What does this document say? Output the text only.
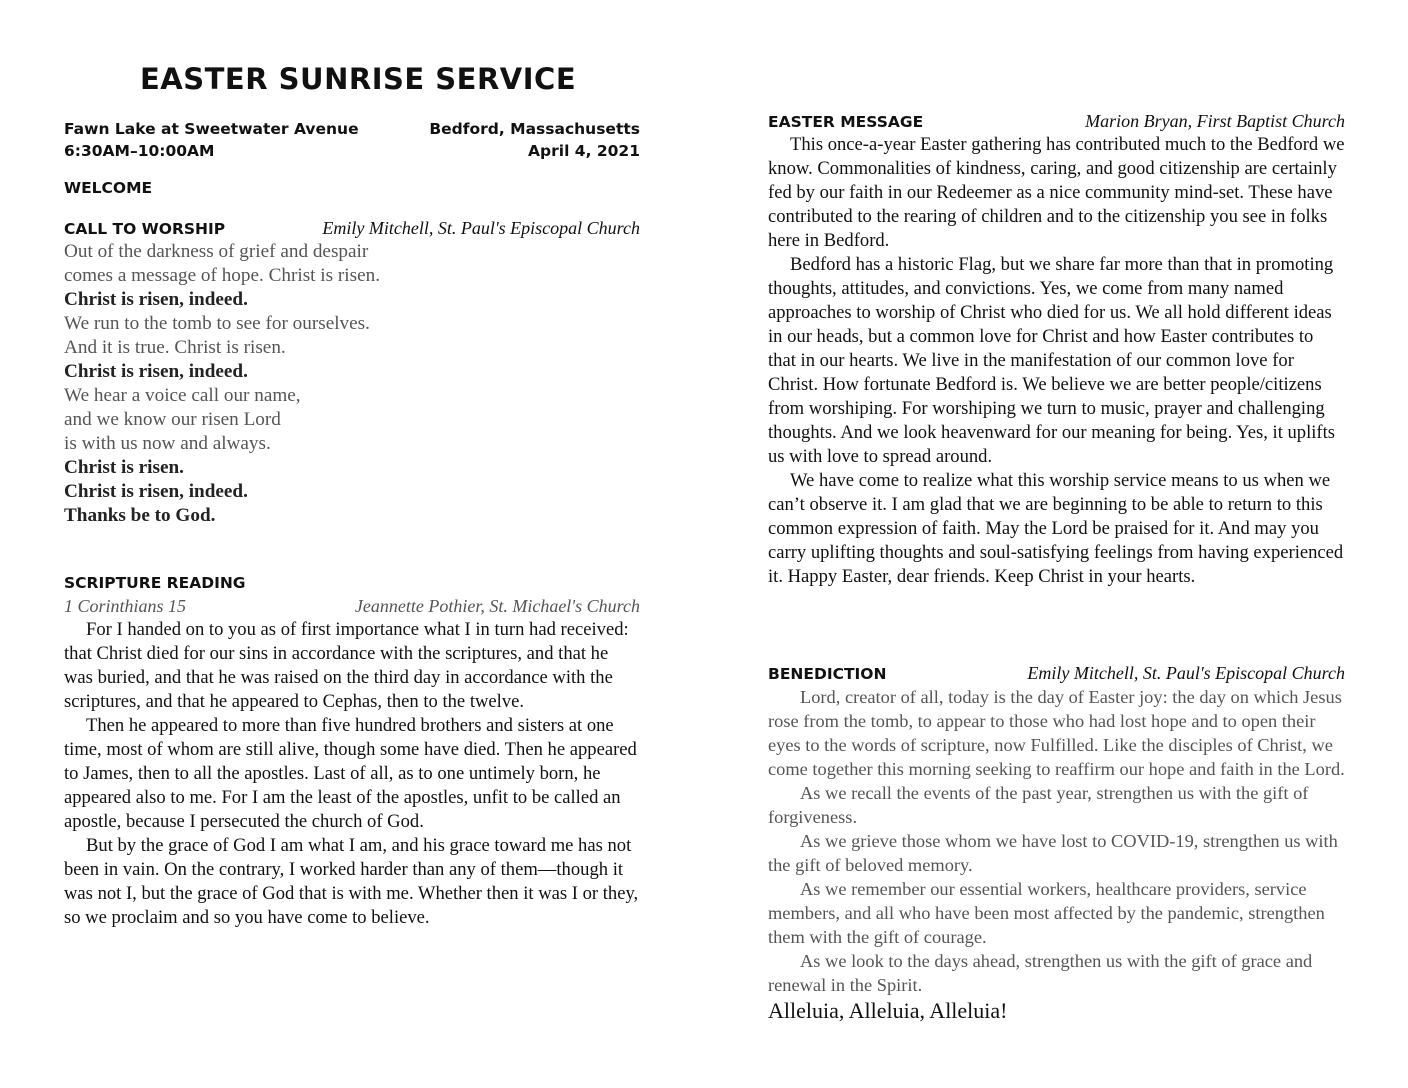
EASTER SUNRISE SERVICE
Fawn Lake at Sweetwater Avenue	Bedford, Massachusetts
6:30AM–10:00AM	April 4, 2021
WELCOME
CALL TO WORSHIP	Emily Mitchell, St. Paul's Episcopal Church
Out of the darkness of grief and despair
comes a message of hope. Christ is risen.
Christ is risen, indeed.
We run to the tomb to see for ourselves.
And it is true. Christ is risen.
Christ is risen, indeed.
We hear a voice call our name,
and we know our risen Lord
is with us now and always.
Christ is risen.
Christ is risen, indeed.
Thanks be to God.
SCRIPTURE READING
1 Corinthians 15	Jeannette Pothier, St. Michael's Church

For I handed on to you as of first importance what I in turn had received: that Christ died for our sins in accordance with the scriptures, and that he was buried, and that he was raised on the third day in accordance with the scriptures, and that he appeared to Cephas, then to the twelve.

Then he appeared to more than five hundred brothers and sisters at one time, most of whom are still alive, though some have died. Then he appeared to James, then to all the apostles. Last of all, as to one untimely born, he appeared also to me. For I am the least of the apostles, unfit to be called an apostle, because I persecuted the church of God.

But by the grace of God I am what I am, and his grace toward me has not been in vain. On the contrary, I worked harder than any of them—though it was not I, but the grace of God that is with me. Whether then it was I or they, so we proclaim and so you have come to believe.

EASTER MESSAGE	Marion Bryan, First Baptist Church

This once-a-year Easter gathering has contributed much to the Bedford we know. Commonalities of kindness, caring, and good citizenship are certainly fed by our faith in our Redeemer as a nice community mind-set. These have contributed to the rearing of children and to the citizenship you see in folks here in Bedford.

Bedford has a historic Flag, but we share far more than that in promoting thoughts, attitudes, and convictions. Yes, we come from many named approaches to worship of Christ who died for us. We all hold different ideas in our heads, but a common love for Christ and how Easter contributes to that in our hearts. We live in the manifestation of our common love for Christ. How fortunate Bedford is. We believe we are better people/citizens from worshiping. For worshiping we turn to music, prayer and challenging thoughts. And we look heavenward for our meaning for being. Yes, it uplifts us with love to spread around.

We have come to realize what this worship service means to us when we can’t observe it. I am glad that we are beginning to be able to return to this common expression of faith. May the Lord be praised for it. And may you carry uplifting thoughts and soul-satisfying feelings from having experienced it. Happy Easter, dear friends. Keep Christ in your hearts.

BENEDICTION	Emily Mitchell, St. Paul's Episcopal Church

Lord, creator of all, today is the day of Easter joy: the day on which Jesus rose from the tomb, to appear to those who had lost hope and to open their eyes to the words of scripture, now Fulfilled. Like the disciples of Christ, we come together this morning seeking to reaffirm our hope and faith in the Lord.

As we recall the events of the past year, strengthen us with the gift of forgiveness.

As we grieve those whom we have lost to COVID-19, strengthen us with the gift of beloved memory.

As we remember our essential workers, healthcare providers, service members, and all who have been most affected by the pandemic, strengthen them with the gift of courage.

As we look to the days ahead, strengthen us with the gift of grace and renewal in the Spirit.

Alleluia, Alleluia, Alleluia!
